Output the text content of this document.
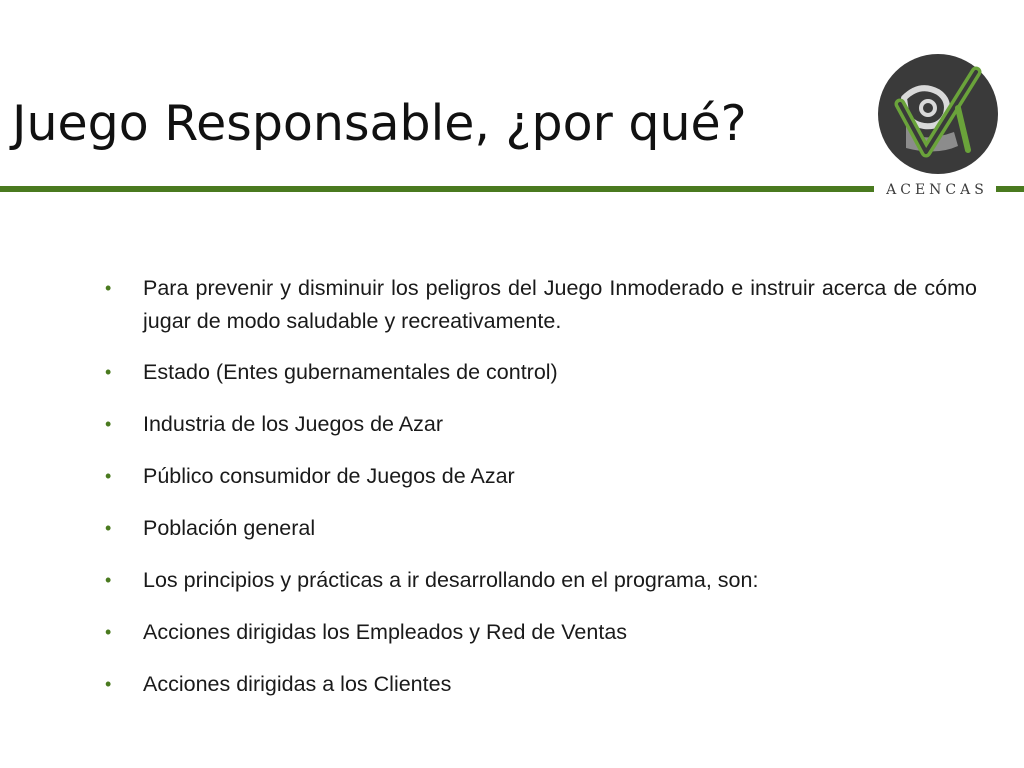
Juego Responsable, ¿por qué?
ACENCAS
•	Para prevenir y disminuir los peligros del Juego Inmoderado e instruir acerca de cómo jugar de modo saludable y recreativamente.
•	Estado (Entes gubernamentales de control)
•	Industria de los Juegos de Azar
•	Público consumidor de Juegos de Azar
•	Población general
•	Los principios y prácticas a ir desarrollando en el programa, son:
•	Acciones dirigidas los Empleados y Red de Ventas
•	Acciones dirigidas a los Clientes
